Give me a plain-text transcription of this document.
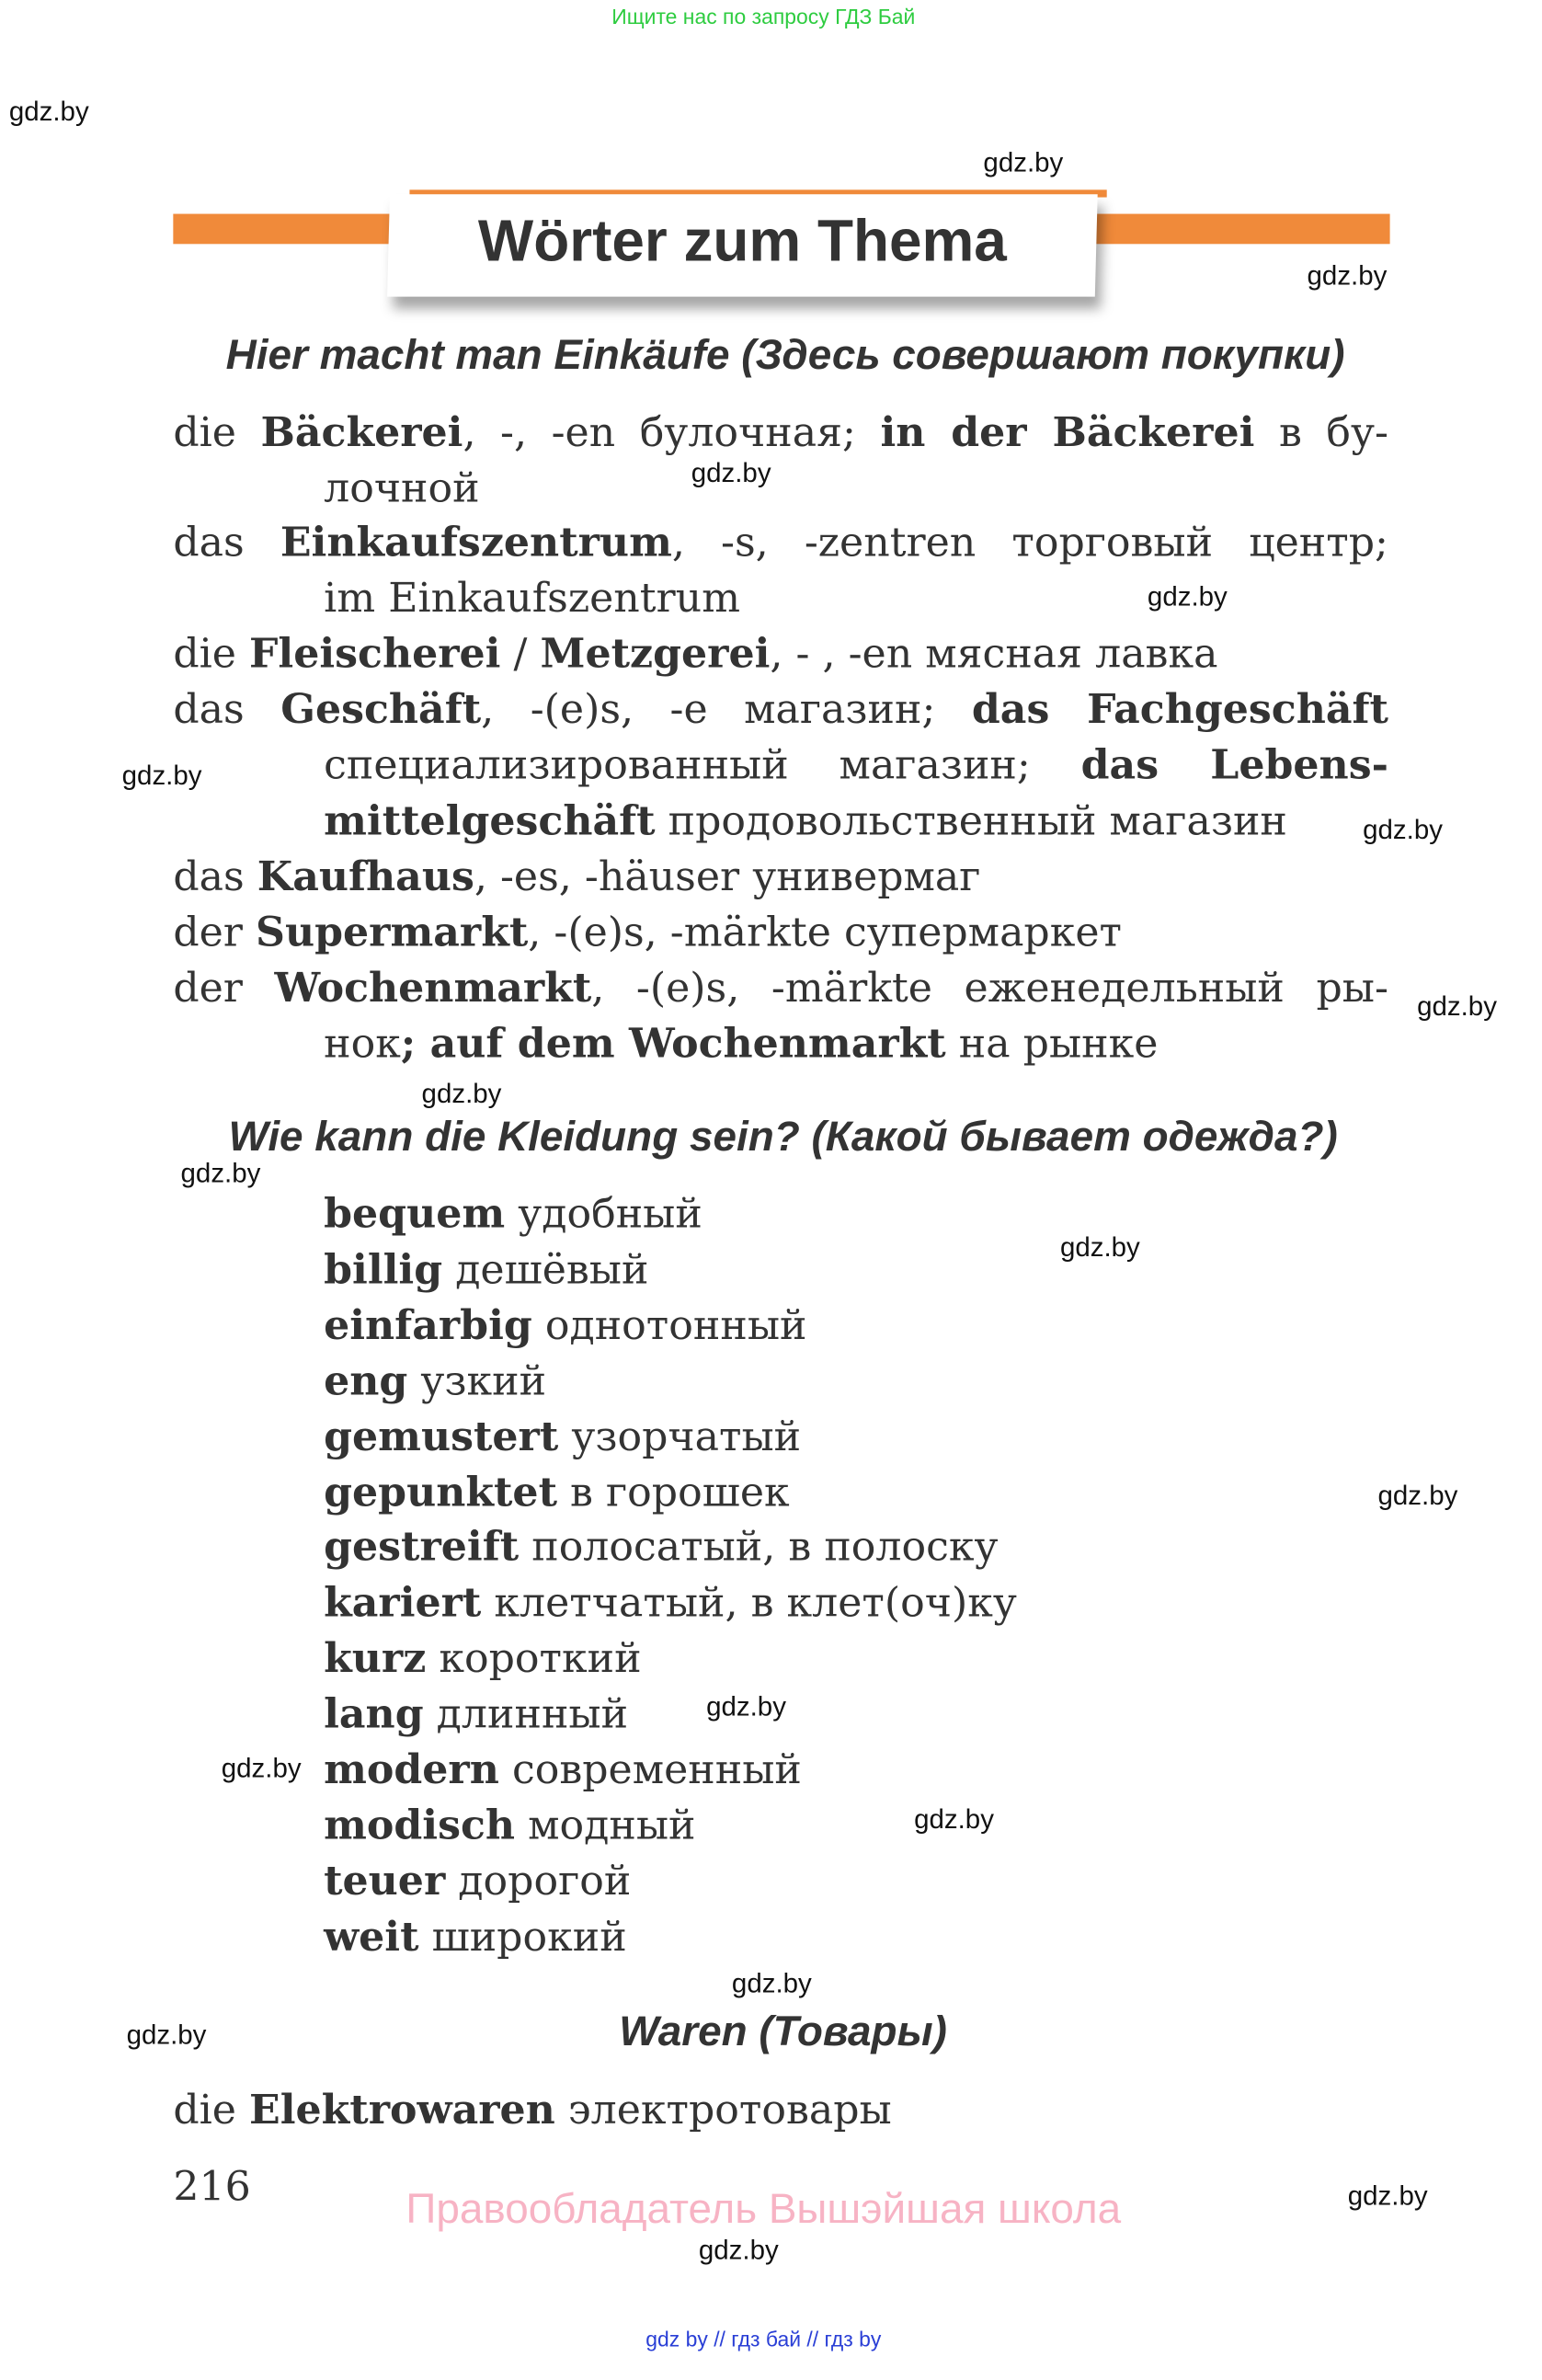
Ищите нас по запросу ГДЗ Бай
Wörter zum Thema
Hier macht man Einkäufe (Здесь совершают покупки)
die Bäckerei, -, -en булочная; in der Bäckerei в бу-
лочной
das Einkaufszentrum, -s, -zentren торговый центр;
im Einkaufszentrum
die Fleischerei / Metzgerei, - , -en мясная лавка
das Geschäft, -(e)s, -e магазин; das Fachgeschäft
специализированный магазин; das Lebens-
mittelgeschäft продовольственный магазин
das Kaufhaus, -es, -häuser универмаг
der Supermarkt, -(e)s, -märkte супермаркет
der Wochenmarkt, -(e)s, -märkte еженедельный ры-
нок; auf dem Wochenmarkt на рынке
Wie kann die Kleidung sein? (Какой бывает одежда?)
bequem удобный
billig дешёвый
einfarbig однотонный
eng узкий
gemustert узорчатый
gepunktet в горошек
gestreift полосатый, в полоску
kariert клетчатый, в клет(оч)ку
kurz короткий
lang длинный
modern современный
modisch модный
teuer дорогой
weit широкий
Waren (Товары)
die Elektrowaren электротовары
216	Правообладатель Вышэйшая школа
gdz by // гдз бай // гдз by
gdz.by
gdz.by
gdz.by
gdz.by
gdz.by
gdz.by
gdz.by
gdz.by
gdz.by
gdz.by
gdz.by
gdz.by
gdz.by
gdz.by
gdz.by
gdz.by
gdz.by
gdz.by
gdz.by
